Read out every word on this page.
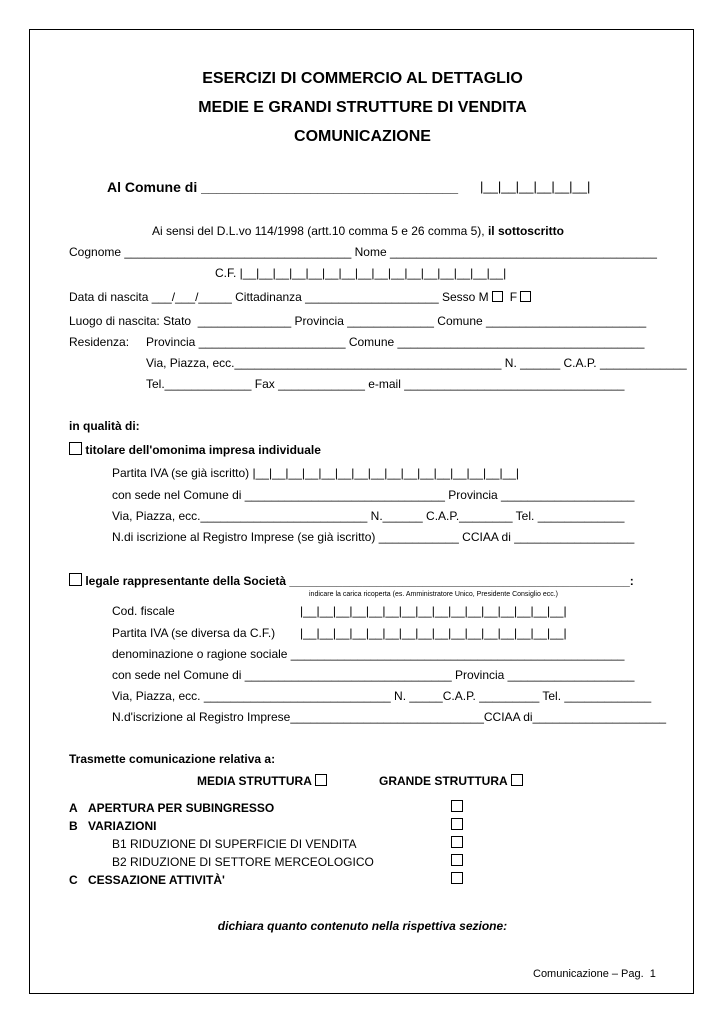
ESERCIZI DI COMMERCIO AL DETTAGLIO
MEDIE E GRANDI STRUTTURE DI VENDITA
COMUNICAZIONE
Al Comune di _________________________________ |__|__|__|__|__|__|
Ai sensi del D.L.vo 114/1998 (artt.10 comma 5 e 26 comma 5), il sottoscritto
Cognome __________________________________ Nome ________________________________________
C.F. |__|__|__|__|__|__|__|__|__|__|__|__|__|__|__|__|
Data di nascita ___/___/_____ Cittadinanza ____________________ Sesso M F
Luogo di nascita: Stato  ______________ Provincia _____________ Comune ________________________
Residenza: Provincia ______________________ Comune _____________________________________
Via, Piazza, ecc.________________________________________ N. ______ C.A.P. _____________
Tel._____________ Fax _____________ e-mail _________________________________
in qualità di:
titolare dell'omonima impresa individuale
Partita IVA (se già iscritto) |__|__|__|__|__|__|__|__|__|__|__|__|__|__|__|__|
con sede nel Comune di ______________________________ Provincia ____________________
Via, Piazza, ecc._________________________ N.______ C.A.P.________ Tel. _____________
N.di iscrizione al Registro Imprese (se già iscritto) ____________ CCIAA di __________________
legale rappresentante della Società ___________________________________________________:
indicare la carica ricoperta (es. Amministratore Unico, Presidente Consiglio ecc.)
Cod. fiscale	|__|__|__|__|__|__|__|__|__|__|__|__|__|__|__|__|
Partita IVA (se diversa da C.F.) |__|__|__|__|__|__|__|__|__|__|__|__|__|__|__|__|
denominazione o ragione sociale __________________________________________________
con sede nel Comune di _______________________________ Provincia ___________________
Via, Piazza, ecc. ____________________________ N. _____C.A.P. _________ Tel. _____________
N.d'iscrizione al Registro Imprese_____________________________CCIAA di____________________
Trasmette comunicazione relativa a:
MEDIA STRUTTURA	GRANDE STRUTTURA
A APERTURA PER SUBINGRESSO
B VARIAZIONI
B1 RIDUZIONE DI SUPERFICIE DI VENDITA
B2 RIDUZIONE DI SETTORE MERCEOLOGICO
C CESSAZIONE ATTIVITÀ'
dichiara quanto contenuto nella rispettiva sezione:
Comunicazione – Pag.  1
